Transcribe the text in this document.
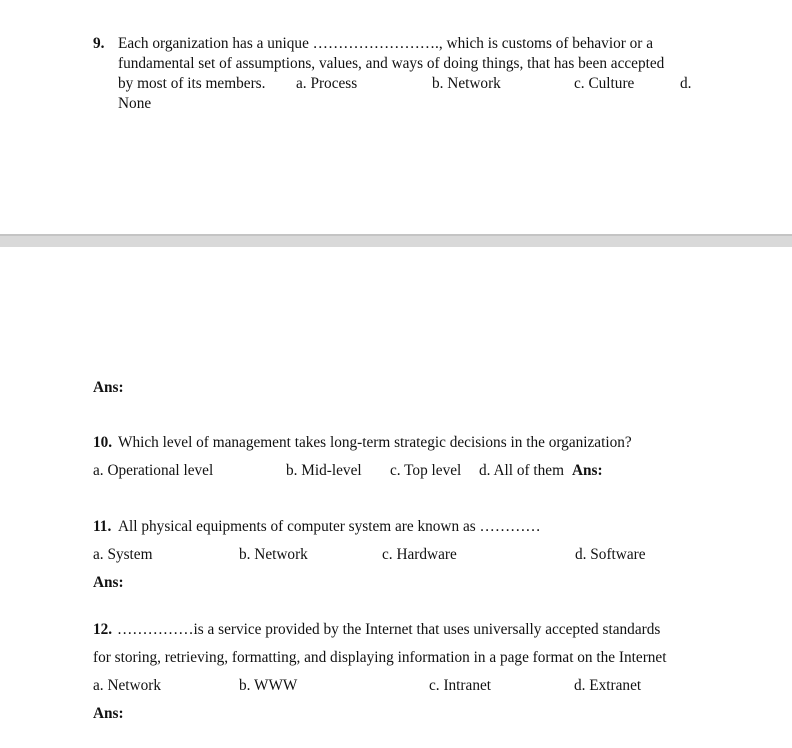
9. Each organization has a unique ……………………., which is customs of behavior or a
fundamental set of assumptions, values, and ways of doing things, that has been accepted
by most of its members. a. Process	b. Network	c. Culture	d.
None
Ans:
10. Which level of management takes long-term strategic decisions in the organization?
a. Operational level	b. Mid-level c. Top level d. All of them Ans:
11. All physical equipments of computer system are known as …………
a. System	b. Network	c. Hardware	d. Software
Ans:
12. ……………is a service provided by the Internet that uses universally accepted standards
for storing, retrieving, formatting, and displaying information in a page format on the Internet
a. Network	b. WWW	c. Intranet	d. Extranet
Ans:
